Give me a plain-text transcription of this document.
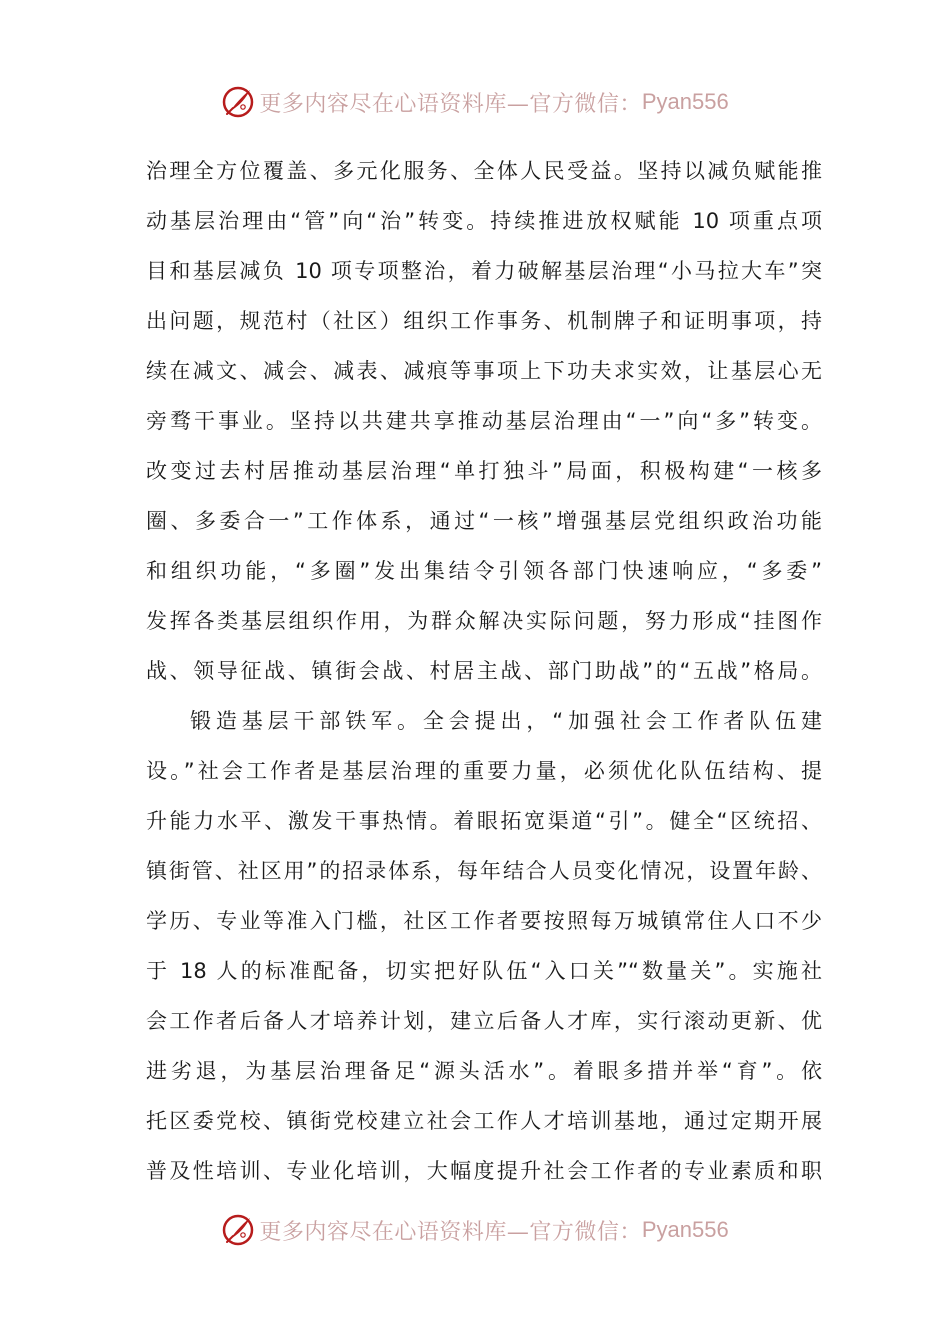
更多内容尽在心语资料库—官方微信： Pyan556
治理全方位覆盖、多元化服务、全体人民受益。坚持以减负赋能推
动基层治理由“管”向“治”转变。持续推进放权赋能 10 项重点项
目和基层减负 10 项专项整治，着力破解基层治理“小马拉大车”突
出问题，规范村（社区）组织工作事务、机制牌子和证明事项，持
续在减文、减会、减表、减痕等事项上下功夫求实效，让基层心无
旁骛干事业。坚持以共建共享推动基层治理由“一”向“多”转变。
改变过去村居推动基层治理“单打独斗”局面，积极构建“一核多
圈、多委合一”工作体系，通过“一核”增强基层党组织政治功能
和组织功能，“多圈”发出集结令引领各部门快速响应，“多委”
发挥各类基层组织作用，为群众解决实际问题，努力形成“挂图作
战、领导征战、镇街会战、村居主战、部门助战”的“五战”格局。
锻造基层干部铁军。全会提出，“加强社会工作者队伍建
设。”社会工作者是基层治理的重要力量，必须优化队伍结构、提
升能力水平、激发干事热情。着眼拓宽渠道“引”。健全“区统招、
镇街管、社区用”的招录体系，每年结合人员变化情况，设置年龄、
学历、专业等准入门槛，社区工作者要按照每万城镇常住人口不少
于 18 人的标准配备，切实把好队伍“入口关”“数量关”。实施社
会工作者后备人才培养计划，建立后备人才库，实行滚动更新、优
进劣退，为基层治理备足“源头活水”。着眼多措并举“育”。依
托区委党校、镇街党校建立社会工作人才培训基地，通过定期开展
普及性培训、专业化培训，大幅度提升社会工作者的专业素质和职
更多内容尽在心语资料库—官方微信： Pyan556
